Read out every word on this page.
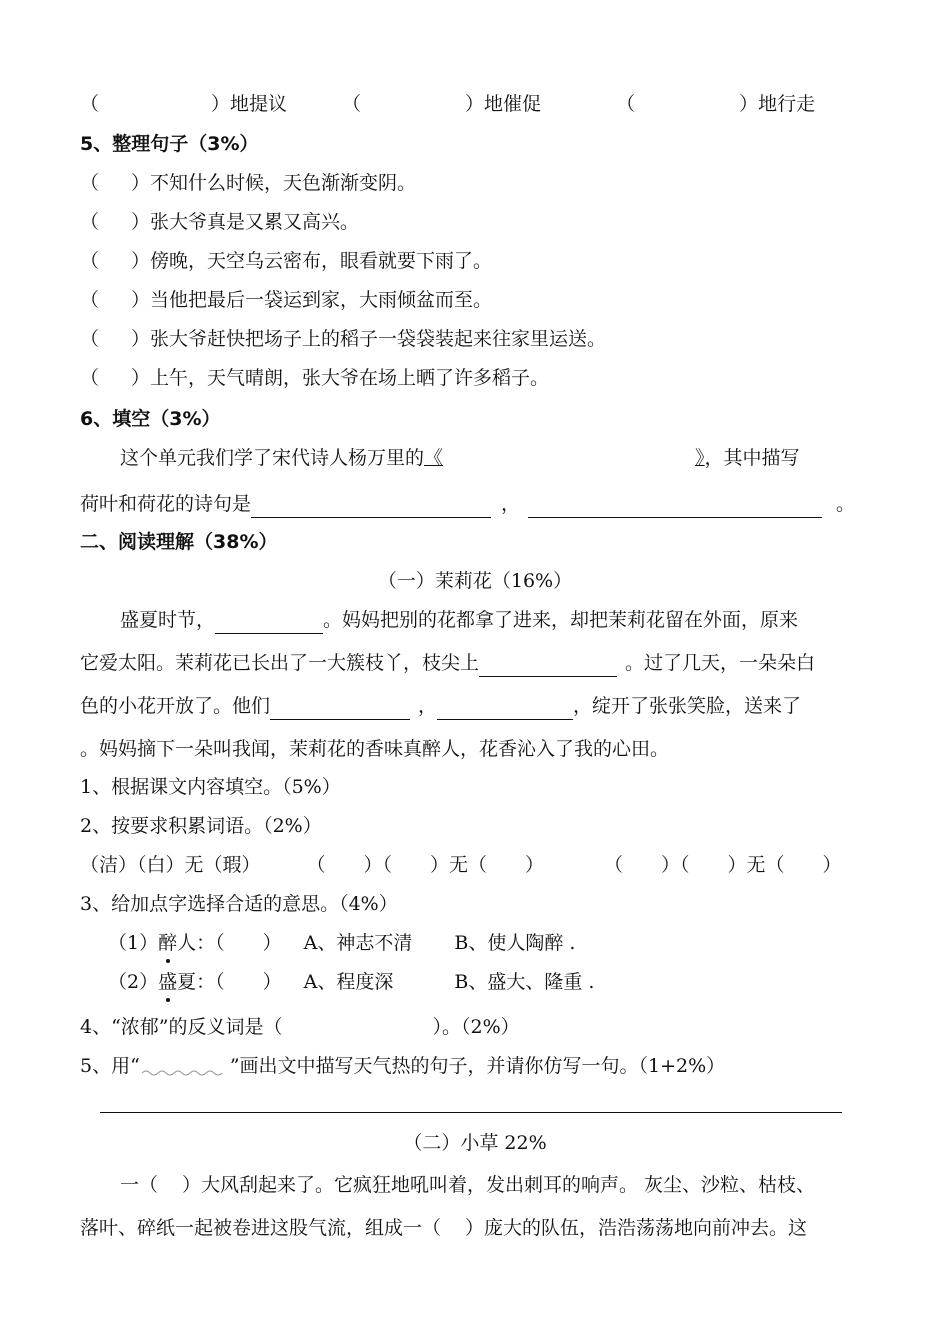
（	）地提议	（	）地催促	（	）地行走
5、整理句子（3%）
（ ）不知什么时候，天色渐渐变阴。
（ ）张大爷真是又累又高兴。
（ ）傍晚，天空乌云密布，眼看就要下雨了。
（ ）当他把最后一袋运到家，大雨倾盆而至。
（ ）张大爷赶快把场子上的稻子一袋袋装起来往家里运送。
（ ）上午，天气晴朗，张大爷在场上晒了许多稻子。
6、填空（3%）
这个单元我们学了宋代诗人杨万里的《	》，其中描写
荷叶和荷花的诗句是	，	。
二、阅读理解（38%）
（一）茉莉花（16%）
盛夏时节，	。妈妈把别的花都拿了进来，却把茉莉花留在外面，原来
它爱太阳。茉莉花已长出了一大簇枝丫，枝尖上	。过了几天，一朵朵白
色的小花开放了。他们	，	，绽开了张张笑脸，送来了
。妈妈摘下一朵叫我闻，茉莉花的香味真醉人，花香沁入了我的心田。
1、根据课文内容填空。（5%）
2、按要求积累词语。（2%）
（洁）（白）无（瑕） （　　）（　　）无（　　）	（　　）（　　）无（　　）
3、给加点字选择合适的意思。（4%）
（1）醉人：（　　） A、神志不清 B、使人陶醉 .
（2）盛夏：（　　） A、程度深	B、盛大、隆重 .
4、“浓郁”的反义词是（	）。（2%）
5、用“	”画出文中描写天气热的句子，并请你仿写一句。（1+2%）
（二）小草 22%
一（ ）大风刮起来了。它疯狂地吼叫着，发出刺耳的响声。 灰尘、沙粒、枯枝、
落叶、碎纸一起被卷进这股气流，组成一（ ）庞大的队伍，浩浩荡荡地向前冲去。这
